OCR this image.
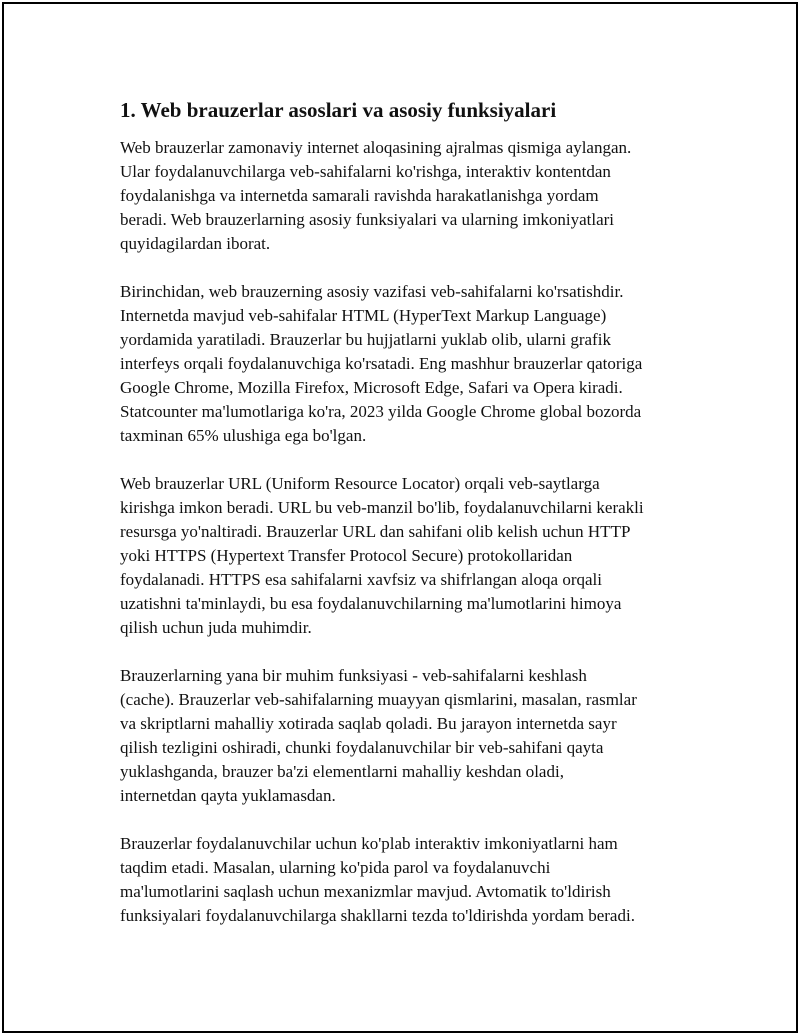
1. Web brauzerlar asoslari va asosiy funksiyalari
Web brauzerlar zamonaviy internet aloqasining ajralmas qismiga aylangan.
Ular foydalanuvchilarga veb-sahifalarni ko'rishga, interaktiv kontentdan
foydalanishga va internetda samarali ravishda harakatlanishga yordam
beradi. Web brauzerlarning asosiy funksiyalari va ularning imkoniyatlari
quyidagilardan iborat.
Birinchidan, web brauzerning asosiy vazifasi veb-sahifalarni ko'rsatishdir.
Internetda mavjud veb-sahifalar HTML (HyperText Markup Language)
yordamida yaratiladi. Brauzerlar bu hujjatlarni yuklab olib, ularni grafik
interfeys orqali foydalanuvchiga ko'rsatadi. Eng mashhur brauzerlar qatoriga
Google Chrome, Mozilla Firefox, Microsoft Edge, Safari va Opera kiradi.
Statcounter ma'lumotlariga ko'ra, 2023 yilda Google Chrome global bozorda
taxminan 65% ulushiga ega bo'lgan.
Web brauzerlar URL (Uniform Resource Locator) orqali veb-saytlarga
kirishga imkon beradi. URL bu veb-manzil bo'lib, foydalanuvchilarni kerakli
resursga yo'naltiradi. Brauzerlar URL dan sahifani olib kelish uchun HTTP
yoki HTTPS (Hypertext Transfer Protocol Secure) protokollaridan
foydalanadi. HTTPS esa sahifalarni xavfsiz va shifrlangan aloqa orqali
uzatishni ta'minlaydi, bu esa foydalanuvchilarning ma'lumotlarini himoya
qilish uchun juda muhimdir.
Brauzerlarning yana bir muhim funksiyasi - veb-sahifalarni keshlash
(cache). Brauzerlar veb-sahifalarning muayyan qismlarini, masalan, rasmlar
va skriptlarni mahalliy xotirada saqlab qoladi. Bu jarayon internetda sayr
qilish tezligini oshiradi, chunki foydalanuvchilar bir veb-sahifani qayta
yuklashganda, brauzer ba'zi elementlarni mahalliy keshdan oladi,
internetdan qayta yuklamasdan.
Brauzerlar foydalanuvchilar uchun ko'plab interaktiv imkoniyatlarni ham
taqdim etadi. Masalan, ularning ko'pida parol va foydalanuvchi
ma'lumotlarini saqlash uchun mexanizmlar mavjud. Avtomatik to'ldirish
funksiyalari foydalanuvchilarga shakllarni tezda to'ldirishda yordam beradi.
